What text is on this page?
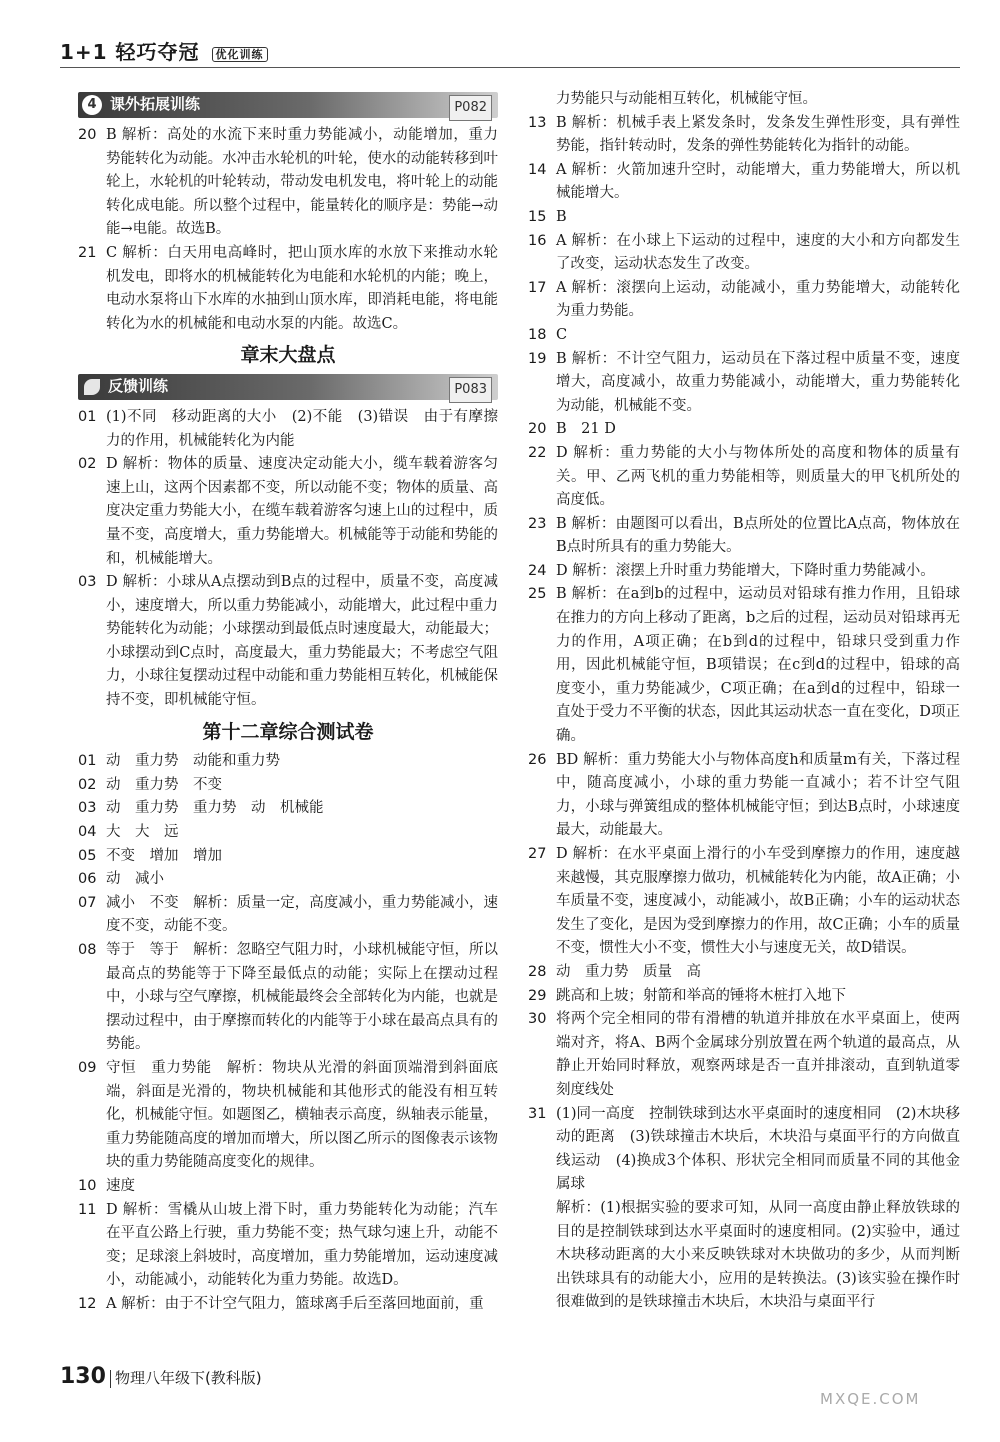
1+1 轻巧夺冠 优化训练
4 课外拓展训练	P082
20 B 解析：高处的水流下来时重力势能减小，动能增加，重力势能转化为动能。水冲击水轮机的叶轮，使水的动能转移到叶轮上，水轮机的叶轮转动，带动发电机发电，将叶轮上的动能转化成电能。所以整个过程中，能量转化的顺序是：势能→动能→电能。故选B。
21 C 解析：白天用电高峰时，把山顶水库的水放下来推动水轮机发电，即将水的机械能转化为电能和水轮机的内能；晚上，电动水泵将山下水库的水抽到山顶水库，即消耗电能，将电能转化为水的机械能和电动水泵的内能。故选C。
章末大盘点
反馈训练	P083
01 (1)不同　移动距离的大小　(2)不能　(3)错误　由于有摩擦力的作用，机械能转化为内能
02 D 解析：物体的质量、速度决定动能大小，缆车载着游客匀速上山，这两个因素都不变，所以动能不变；物体的质量、高度决定重力势能大小，在缆车载着游客匀速上山的过程中，质量不变，高度增大，重力势能增大。机械能等于动能和势能的和，机械能增大。
03 D 解析：小球从A点摆动到B点的过程中，质量不变，高度减小，速度增大，所以重力势能减小，动能增大，此过程中重力势能转化为动能；小球摆动到最低点时速度最大，动能最大；小球摆动到C点时，高度最大，重力势能最大；不考虑空气阻力，小球往复摆动过程中动能和重力势能相互转化，机械能保持不变，即机械能守恒。
第十二章综合测试卷
01 动　重力势　动能和重力势
02 动　重力势　不变
03 动　重力势　重力势　动　机械能
04 大　大　远
05 不变　增加　增加
06 动　减小
07 减小　不变　解析：质量一定，高度减小，重力势能减小，速度不变，动能不变。
08 等于　等于　解析：忽略空气阻力时，小球机械能守恒，所以最高点的势能等于下降至最低点的动能；实际上在摆动过程中，小球与空气摩擦，机械能最终会全部转化为内能，也就是摆动过程中，由于摩擦而转化的内能等于小球在最高点具有的势能。
09 守恒　重力势能　解析：物块从光滑的斜面顶端滑到斜面底端，斜面是光滑的，物块机械能和其他形式的能没有相互转化，机械能守恒。如题图乙，横轴表示高度，纵轴表示能量，重力势能随高度的增加而增大，所以图乙所示的图像表示该物块的重力势能随高度变化的规律。
10 速度
11 D 解析：雪橇从山坡上滑下时，重力势能转化为动能；汽车在平直公路上行驶，重力势能不变；热气球匀速上升，动能不变；足球滚上斜坡时，高度增加，重力势能增加，运动速度减小，动能减小，动能转化为重力势能。故选D。
12 A 解析：由于不计空气阻力，篮球离手后至落回地面前，重
力势能只与动能相互转化，机械能守恒。
13 B 解析：机械手表上紧发条时，发条发生弹性形变，具有弹性势能，指针转动时，发条的弹性势能转化为指针的动能。
14 A 解析：火箭加速升空时，动能增大，重力势能增大，所以机械能增大。
15 B
16 A 解析：在小球上下运动的过程中，速度的大小和方向都发生了改变，运动状态发生了改变。
17 A 解析：滚摆向上运动，动能减小，重力势能增大，动能转化为重力势能。
18 C
19 B 解析：不计空气阻力，运动员在下落过程中质量不变，速度增大，高度减小，故重力势能减小，动能增大，重力势能转化为动能，机械能不变。
20 B　21 D
22 D 解析：重力势能的大小与物体所处的高度和物体的质量有关。甲、乙两飞机的重力势能相等，则质量大的甲飞机所处的高度低。
23 B 解析：由题图可以看出，B点所处的位置比A点高，物体放在B点时所具有的重力势能大。
24 D 解析：滚摆上升时重力势能增大，下降时重力势能减小。
25 B 解析：在a到b的过程中，运动员对铅球有推力作用，且铅球在推力的方向上移动了距离，b之后的过程，运动员对铅球再无力的作用，A项正确；在b到d的过程中，铅球只受到重力作用，因此机械能守恒，B项错误；在c到d的过程中，铅球的高度变小，重力势能减少，C项正确；在a到d的过程中，铅球一直处于受力不平衡的状态，因此其运动状态一直在变化，D项正确。
26 BD 解析：重力势能大小与物体高度h和质量m有关，下落过程中，随高度减小，小球的重力势能一直减小；若不计空气阻力，小球与弹簧组成的整体机械能守恒；到达B点时，小球速度最大，动能最大。
27 D 解析：在水平桌面上滑行的小车受到摩擦力的作用，速度越来越慢，其克服摩擦力做功，机械能转化为内能，故A正确；小车质量不变，速度减小，动能减小，故B正确；小车的运动状态发生了变化，是因为受到摩擦力的作用，故C正确；小车的质量不变，惯性大小不变，惯性大小与速度无关，故D错误。
28 动　重力势　质量　高
29 跳高和上坡；射箭和举高的锤将木桩打入地下
30 将两个完全相同的带有滑槽的轨道并排放在水平桌面上，使两端对齐，将A、B两个金属球分别放置在两个轨道的最高点，从静止开始同时释放，观察两球是否一直并排滚动，直到轨道零刻度线处
31 (1)同一高度　控制铁球到达水平桌面时的速度相同　(2)木块移动的距离　(3)铁球撞击木块后，木块沿与桌面平行的方向做直线运动　(4)换成3个体积、形状完全相同而质量不同的其他金属球
解析：(1)根据实验的要求可知，从同一高度由静止释放铁球的目的是控制铁球到达水平桌面时的速度相同。(2)实验中，通过木块移动距离的大小来反映铁球对木块做功的多少，从而判断出铁球具有的动能大小，应用的是转换法。(3)该实验在操作时很难做到的是铁球撞击木块后，木块沿与桌面平行
130 物理八年级下(教科版)
MXQE.COM
